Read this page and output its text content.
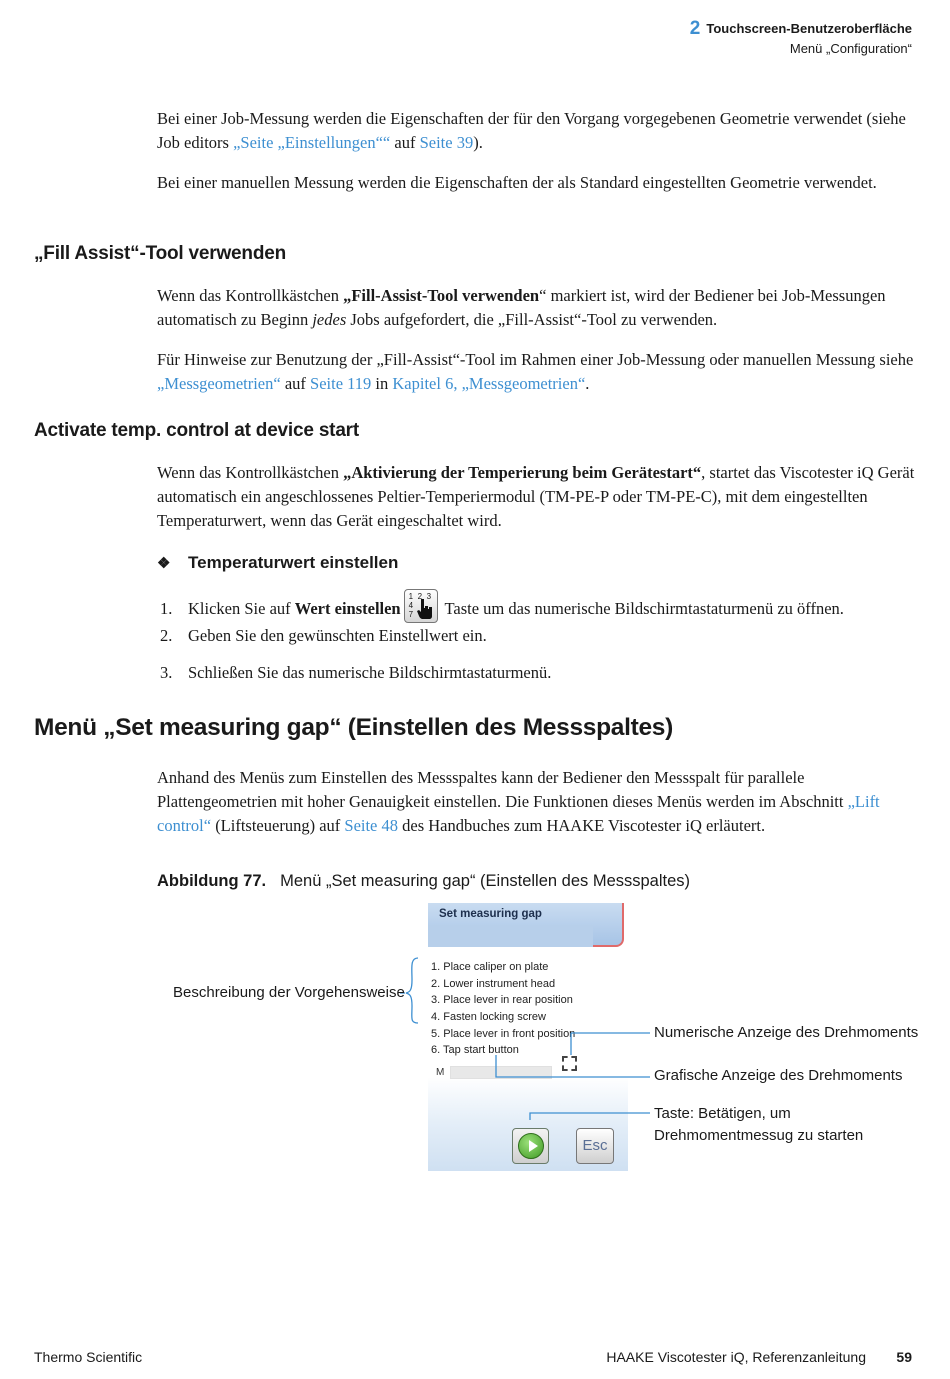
2 Touchscreen-Benutzeroberfläche
Menü „Configuration“

Bei einer Job-Messung werden die Eigenschaften der für den Vorgang vorgegebenen Geometrie verwendet (siehe Job editors „Seite „Einstellungen““ auf Seite 39).

Bei einer manuellen Messung werden die Eigenschaften der als Standard eingestellten Geometrie verwendet.

„Fill Assist“-Tool verwenden

Wenn das Kontrollkästchen „Fill-Assist-Tool verwenden“ markiert ist, wird der Bediener bei Job-Messungen automatisch zu Beginn jedes Jobs aufgefordert, die „Fill-Assist“-Tool zu verwenden.

Für Hinweise zur Benutzung der „Fill-Assist“-Tool im Rahmen einer Job-Messung oder manuellen Messung siehe „Messgeometrien“ auf Seite 119 in Kapitel 6, „Messgeometrien“.

Activate temp. control at device start

Wenn das Kontrollkästchen „Aktivierung der Temperierung beim Gerätestart“, startet das Viscotester iQ Gerät automatisch ein angeschlossenes Peltier-Temperiermodul (TM-PE-P oder TM-PE-C), mit dem eingestellten Temperaturwert, wenn das Gerät eingeschaltet wird.

❖ Temperaturwert einstellen
1. Klicken Sie auf Wert einstellen
1 2 3
4
7 Taste um das numerische Bildschirmtastaturmenü zu öffnen.
2. Geben Sie den gewünschten Einstellwert ein.
3. Schließen Sie das numerische Bildschirmtastaturmenü.
Menü „Set measuring gap“ (Einstellen des Messspaltes)

Anhand des Menüs zum Einstellen des Messspaltes kann der Bediener den Messspalt für parallele Plattengeometrien mit hoher Genauigkeit einstellen. Die Funktionen dieses Menüs werden im Abschnitt „Lift control“ (Liftsteuerung) auf Seite 48 des Handbuches zum HAAKE Viscotester iQ erläutert.

Abbildung 77. Menü „Set measuring gap“ (Einstellen des Messspaltes)
Set measuring gap
1. Place caliper on plate
2. Lower instrument head
3. Place lever in rear position
4. Fasten locking screw
5. Place lever in front position
6. Tap start button
M
Esc
Beschreibung der Vorgehensweise
Numerische Anzeige des Drehmoments
Grafische Anzeige des Drehmoments
Taste: Betätigen, um
Drehmomentmessug zu starten
Thermo Scientific	HAAKE Viscotester iQ, Referenzanleitung 59
